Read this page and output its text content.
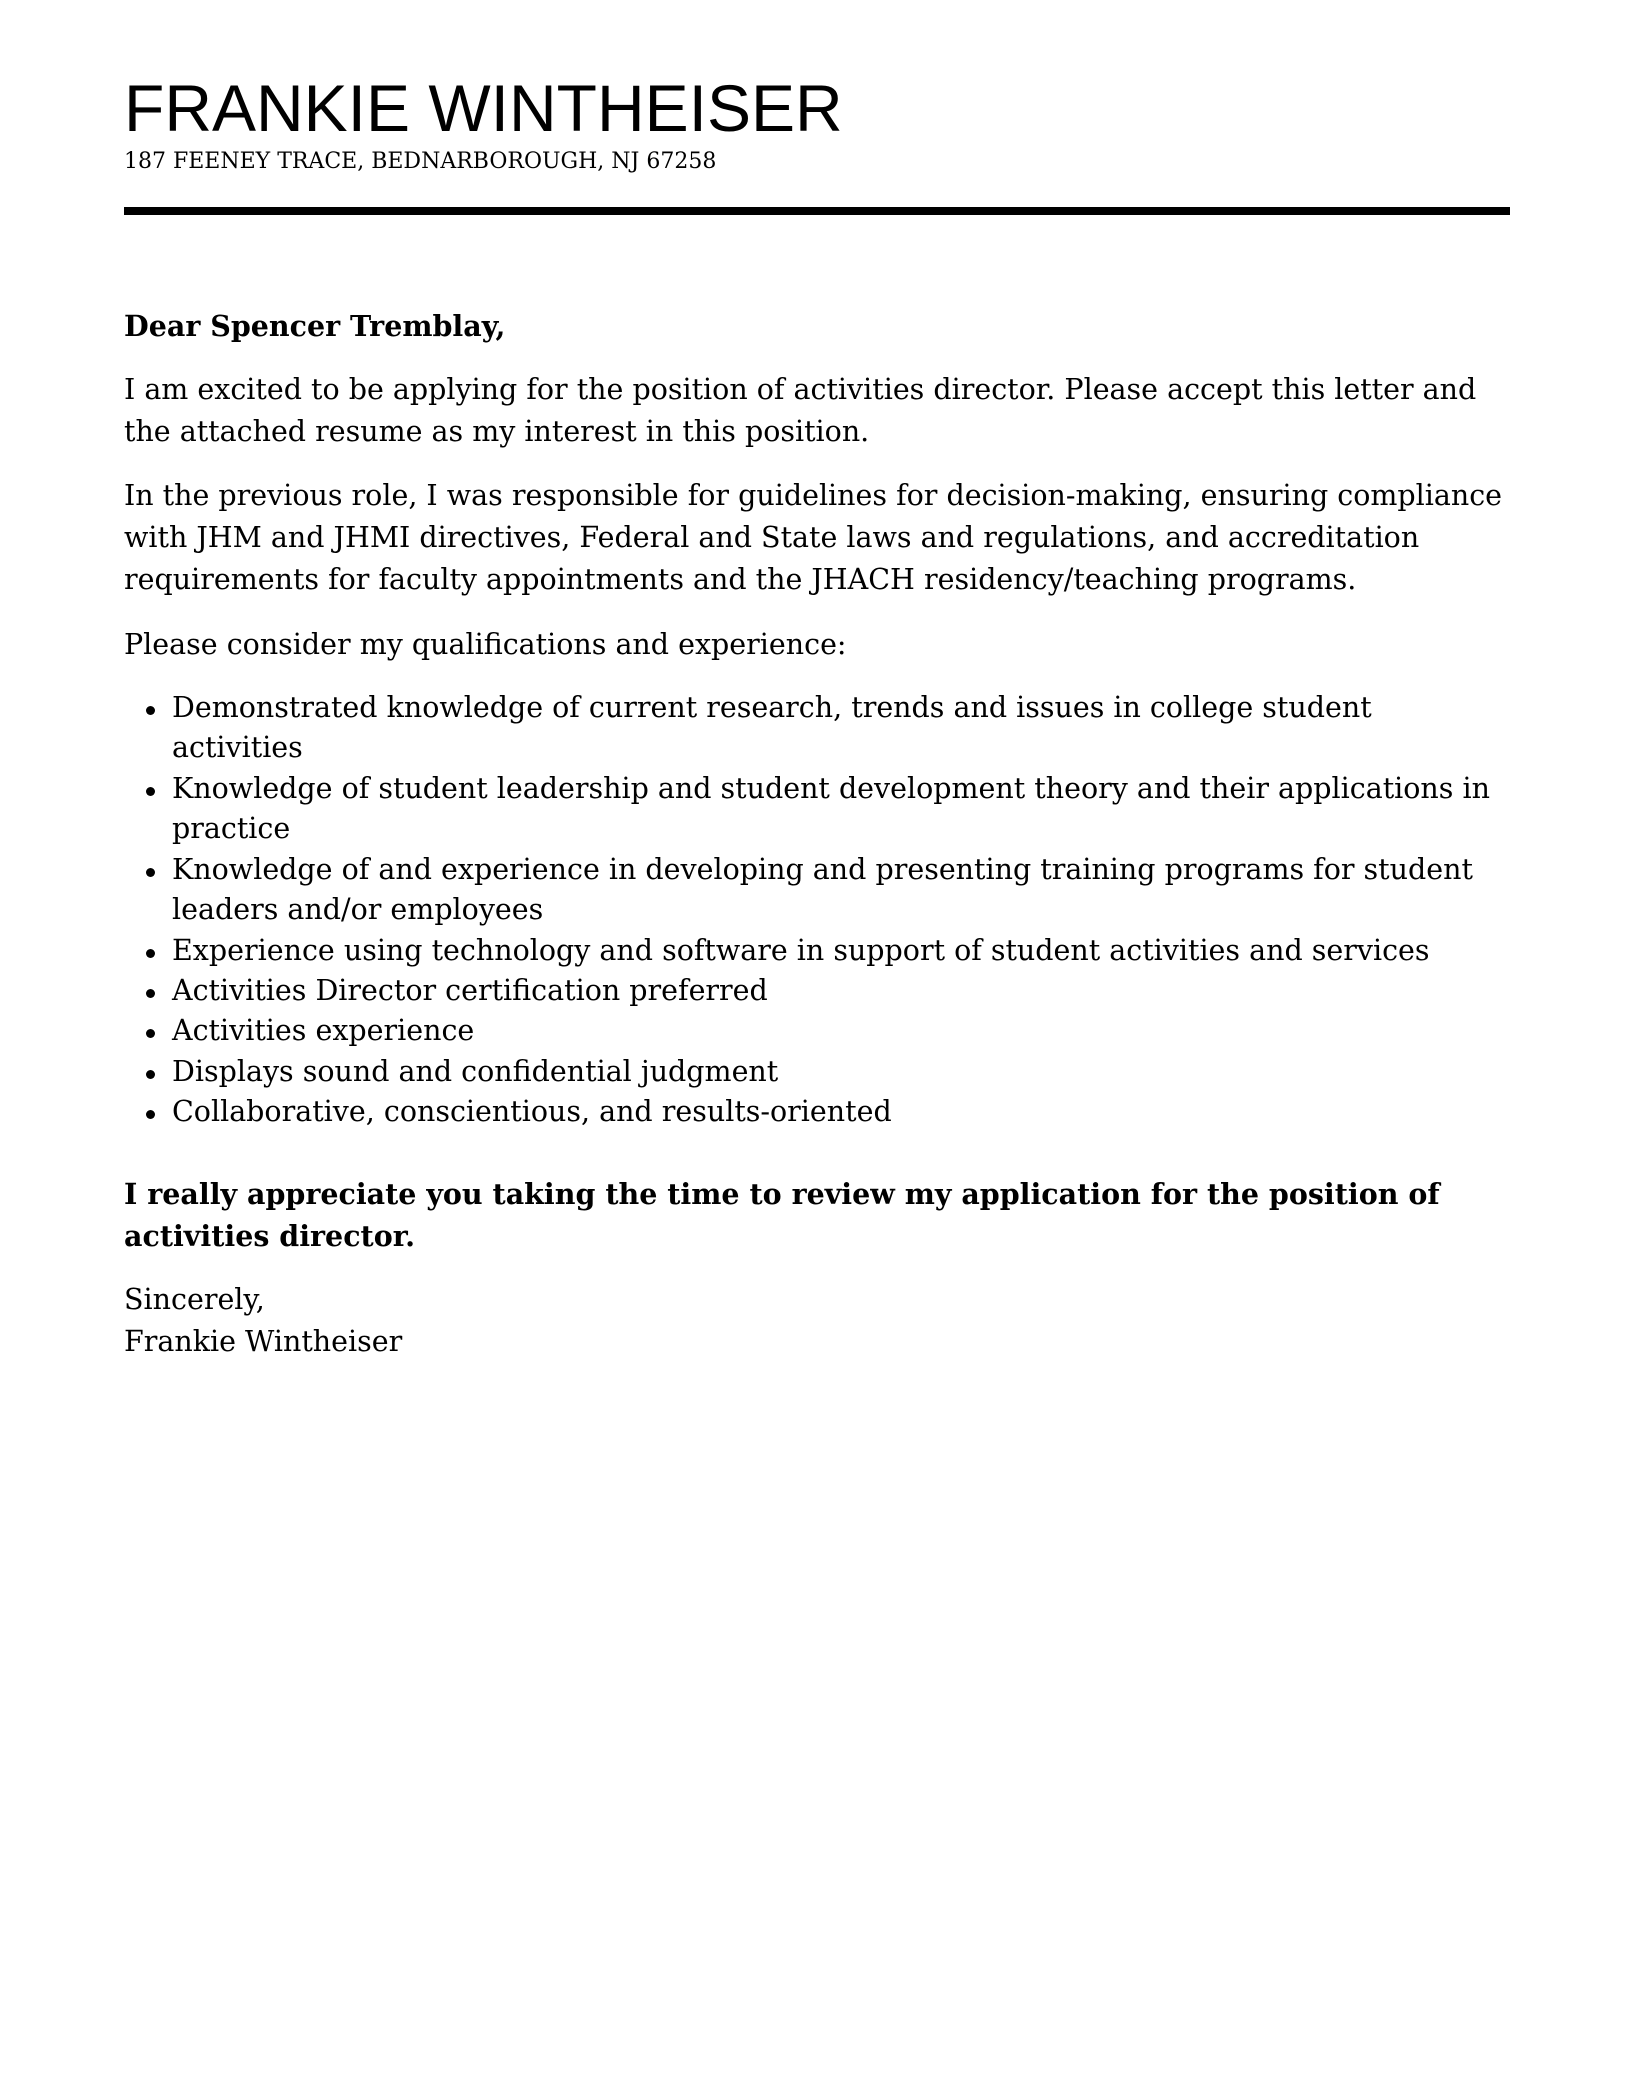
FRANKIE WINTHEISER
187 FEENEY TRACE, BEDNARBOROUGH, NJ 67258

Dear Spencer Tremblay,

I am excited to be applying for the position of activities director. Please accept this letter and the attached resume as my interest in this position.

In the previous role, I was responsible for guidelines for decision-making, ensuring compliance with JHM and JHMI directives, Federal and State laws and regulations, and accreditation requirements for faculty appointments and the JHACH residency/teaching programs.

Please consider my qualifications and experience:

Demonstrated knowledge of current research, trends and issues in college student activities
Knowledge of student leadership and student development theory and their applications in practice
Knowledge of and experience in developing and presenting training programs for student leaders and/or employees
Experience using technology and software in support of student activities and services
Activities Director certification preferred
Activities experience
Displays sound and confidential judgment
Collaborative, conscientious, and results-oriented

I really appreciate you taking the time to review my application for the position of activities director.

Sincerely,
Frankie Wintheiser
